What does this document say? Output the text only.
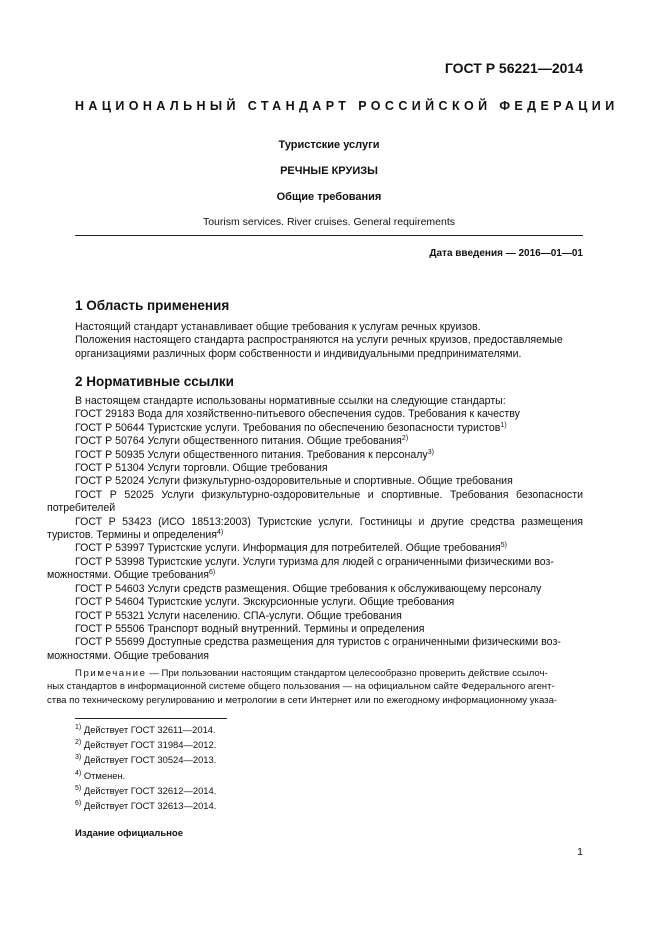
ГОСТ Р 56221—2014
НАЦИОНАЛЬНЫЙ СТАНДАРТ РОССИЙСКОЙ ФЕДЕРАЦИИ
Туристские услуги
РЕЧНЫЕ КРУИЗЫ
Общие требования
Tourism services. River cruises. General requirements
Дата введения — 2016—01—01
1 Область применения
Настоящий стандарт устанавливает общие требования к услугам речных круизов.
Положения настоящего стандарта распространяются на услуги речных круизов, предоставляемые
организациями различных форм собственности и индивидуальными предпринимателями.
2 Нормативные ссылки
В настоящем стандарте использованы нормативные ссылки на следующие стандарты:
ГОСТ 29183 Вода для хозяйственно-питьевого обеспечения судов. Требования к качеству
ГОСТ Р 50644 Туристские услуги. Требования по обеспечению безопасности туристов$^{1)}$
ГОСТ Р 50764 Услуги общественного питания. Общие требования$^{2)}$
ГОСТ Р 50935 Услуги общественного питания. Требования к персоналу$^{3)}$
ГОСТ Р 51304 Услуги торговли. Общие требования
ГОСТ Р 52024 Услуги физкультурно-оздоровительные и спортивные. Общие требования
ГОСТ Р 52025 Услуги физкультурно-оздоровительные и спортивные. Требования безопасности
потребителей
ГОСТ Р 53423 (ИСО 18513:2003) Туристские услуги. Гостиницы и другие средства размещения
туристов. Термины и определения$^{4)}$
ГОСТ Р 53997 Туристские услуги. Информация для потребителей. Общие требования$^{5)}$
ГОСТ Р 53998 Туристские услуги. Услуги туризма для людей с ограниченными физическими воз-
можностями. Общие требования$^{6)}$
ГОСТ Р 54603 Услуги средств размещения. Общие требования к обслуживающему персоналу
ГОСТ Р 54604 Туристские услуги. Экскурсионные услуги. Общие требования
ГОСТ Р 55321 Услуги населению. СПА-услуги. Общие требования
ГОСТ Р 55506 Транспорт водный внутренний. Термины и определения
ГОСТ Р 55699 Доступные средства размещения для туристов с ограниченными физическими воз-
можностями. Общие требования
Примечание — При пользовании настоящим стандартом целесообразно проверить действие ссылоч-
ных стандартов в информационной системе общего пользования — на официальном сайте Федерального агент-
ства по техническому регулированию и метрологии в сети Интернет или по ежегодному информационному указа-
$^{1)}$ Действует ГОСТ 32611—2014.
$^{2)}$ Действует ГОСТ 31984—2012.
$^{3)}$ Действует ГОСТ 30524—2013.
$^{4)}$ Отменен.
$^{5)}$ Действует ГОСТ 32612—2014.
$^{6)}$ Действует ГОСТ 32613—2014.
Издание официальное
1
